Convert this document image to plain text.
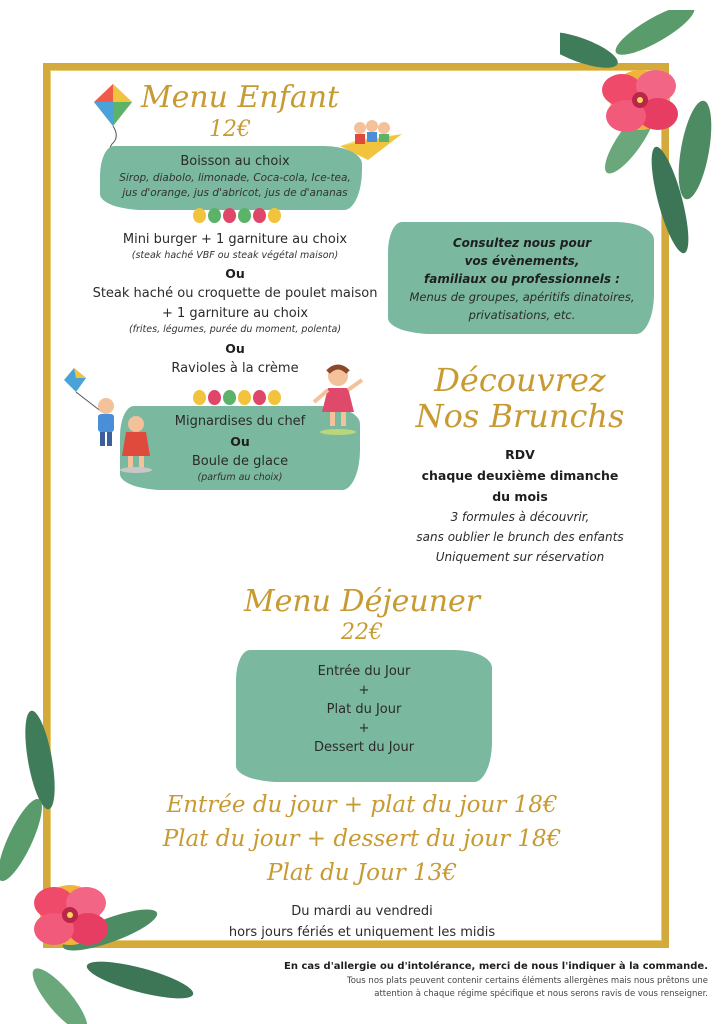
Menu Enfant
12€
Boisson au choix
Sirop, diabolo, limonade, Coca-cola, Ice-tea,
jus d'orange, jus d'abricot, jus de d'ananas
Mini burger + 1 garniture au choix
(steak haché VBF ou steak végétal maison)
Ou
Steak haché ou croquette de poulet maison
+ 1 garniture au choix
(frites, légumes, purée du moment, polenta)
Ou
Ravioles à la crème
Mignardises du chef
Ou
Boule de glace
(parfum au choix)
Consultez nous pour
vos évènements,
familiaux ou professionnels :
Menus de groupes, apéritifs dinatoires,
privatisations, etc.
Découvrez
Nos Brunchs
RDV
chaque deuxième dimanche
du mois
3 formules à découvrir,
sans oublier le brunch des enfants
Uniquement sur réservation
Menu Déjeuner
22€
Entrée du Jour
+
Plat du Jour
+
Dessert du Jour
Entrée du jour + plat du jour 18€
Plat du jour + dessert du jour 18€
Plat du Jour 13€
Du mardi au vendredi
hors jours fériés et uniquement les midis
En cas d'allergie ou d'intolérance, merci de nous l'indiquer à la commande.
Tous nos plats peuvent contenir certains éléments allergènes mais nous prêtons une
attention à chaque régime spécifique et nous serons ravis de vous renseigner.
